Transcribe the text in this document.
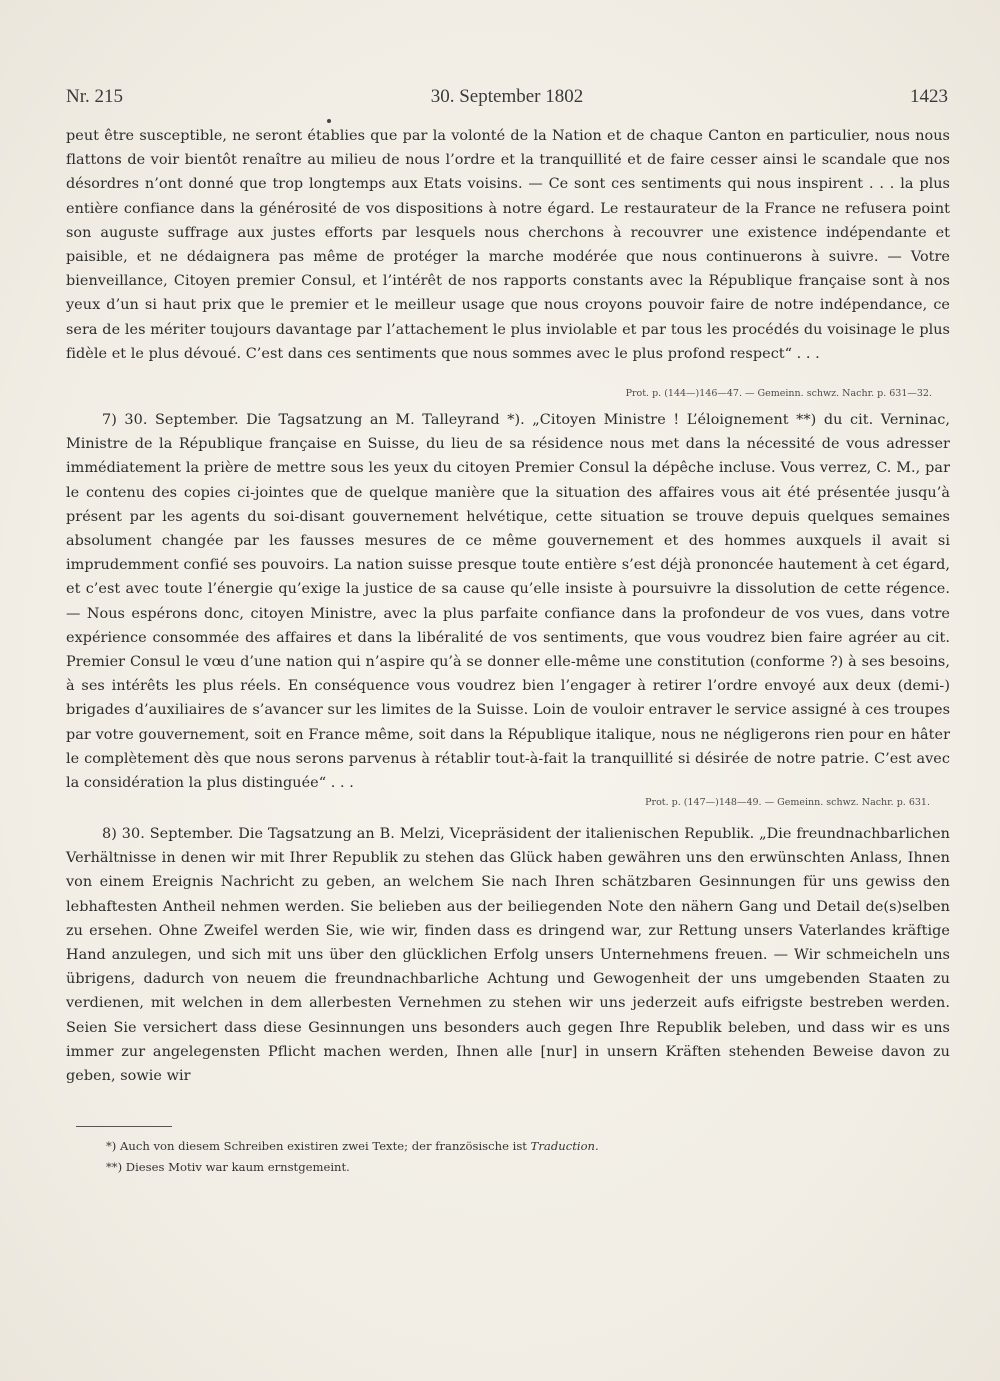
Nr. 215	30. September 1802	1423

peut être susceptible, ne seront établies que par la volonté de la Nation et de chaque Canton en particulier, nous nous flattons de voir bientôt renaître au milieu de nous l’ordre et la tranquillité et de faire cesser ainsi le scandale que nos désordres n’ont donné que trop longtemps aux Etats voisins. — Ce sont ces sentiments qui nous inspirent . . . la plus entière confiance dans la générosité de vos dispositions à notre égard. Le restaurateur de la France ne refusera point son auguste suffrage aux justes efforts par lesquels nous cherchons à recouvrer une existence indépendante et paisible, et ne dédaignera pas même de protéger la marche modérée que nous continuerons à suivre. — Votre bienveillance, Citoyen premier Consul, et l’intérêt de nos rapports constants avec la République française sont à nos yeux d’un si haut prix que le premier et le meilleur usage que nous croyons pouvoir faire de notre indépendance, ce sera de les mériter toujours davantage par l’attachement le plus inviolable et par tous les procédés du voisinage le plus fidèle et le plus dévoué. C’est dans ces sentiments que nous sommes avec le plus profond respect“ . . .

Prot. p. (144—)146—47. — Gemeinn. schwz. Nachr. p. 631—32.

7) 30. September. Die Tagsatzung an M. Talleyrand *). „Citoyen Ministre ! L’éloignement **) du cit. Verninac, Ministre de la République française en Suisse, du lieu de sa résidence nous met dans la nécessité de vous adresser immédiatement la prière de mettre sous les yeux du citoyen Premier Consul la dépêche incluse. Vous verrez, C. M., par le contenu des copies ci-jointes que de quelque manière que la situation des affaires vous ait été présentée jusqu’à présent par les agents du soi-disant gouvernement helvétique, cette situation se trouve depuis quelques semaines absolument changée par les fausses mesures de ce même gouvernement et des hommes auxquels il avait si imprudemment confié ses pouvoirs. La nation suisse presque toute entière s’est déjà prononcée hautement à cet égard, et c’est avec toute l’énergie qu’exige la justice de sa cause qu’elle insiste à poursuivre la dissolution de cette régence. — Nous espérons donc, citoyen Ministre, avec la plus parfaite confiance dans la profondeur de vos vues, dans votre expérience consommée des affaires et dans la libéralité de vos sentiments, que vous voudrez bien faire agréer au cit. Premier Consul le vœu d’une nation qui n’aspire qu’à se donner elle-même une constitution (conforme ?) à ses besoins, à ses intérêts les plus réels. En conséquence vous voudrez bien l’engager à retirer l’ordre envoyé aux deux (demi-) brigades d’auxiliaires de s’avancer sur les limites de la Suisse. Loin de vouloir entraver le service assigné à ces troupes par votre gouvernement, soit en France même, soit dans la République italique, nous ne négligerons rien pour en hâter le complètement dès que nous serons parvenus à rétablir tout-à-fait la tranquillité si désirée de notre patrie. C’est avec la considération la plus distinguée“ . . .

Prot. p. (147—)148—49. — Gemeinn. schwz. Nachr. p. 631.

8) 30. September. Die Tagsatzung an B. Melzi, Vicepräsident der italienischen Republik. „Die freundnachbarlichen Verhältnisse in denen wir mit Ihrer Republik zu stehen das Glück haben gewähren uns den erwünschten Anlass, Ihnen von einem Ereignis Nachricht zu geben, an welchem Sie nach Ihren schätzbaren Gesinnungen für uns gewiss den lebhaftesten Antheil nehmen werden. Sie belieben aus der beiliegenden Note den nähern Gang und Detail de(s)selben zu ersehen. Ohne Zweifel werden Sie, wie wir, finden dass es dringend war, zur Rettung unsers Vaterlandes kräftige Hand anzulegen, und sich mit uns über den glücklichen Erfolg unsers Unternehmens freuen. — Wir schmeicheln uns übrigens, dadurch von neuem die freundnachbarliche Achtung und Gewogenheit der uns umgebenden Staaten zu verdienen, mit welchen in dem allerbesten Vernehmen zu stehen wir uns jederzeit aufs eifrigste bestreben werden. Seien Sie versichert dass diese Gesinnungen uns besonders auch gegen Ihre Republik beleben, und dass wir es uns immer zur angelegensten Pflicht machen werden, Ihnen alle [nur] in unsern Kräften stehenden Beweise davon zu geben, sowie wir

*) Auch von diesem Schreiben existiren zwei Texte; der französische ist Traduction.
**) Dieses Motiv war kaum ernstgemeint.
